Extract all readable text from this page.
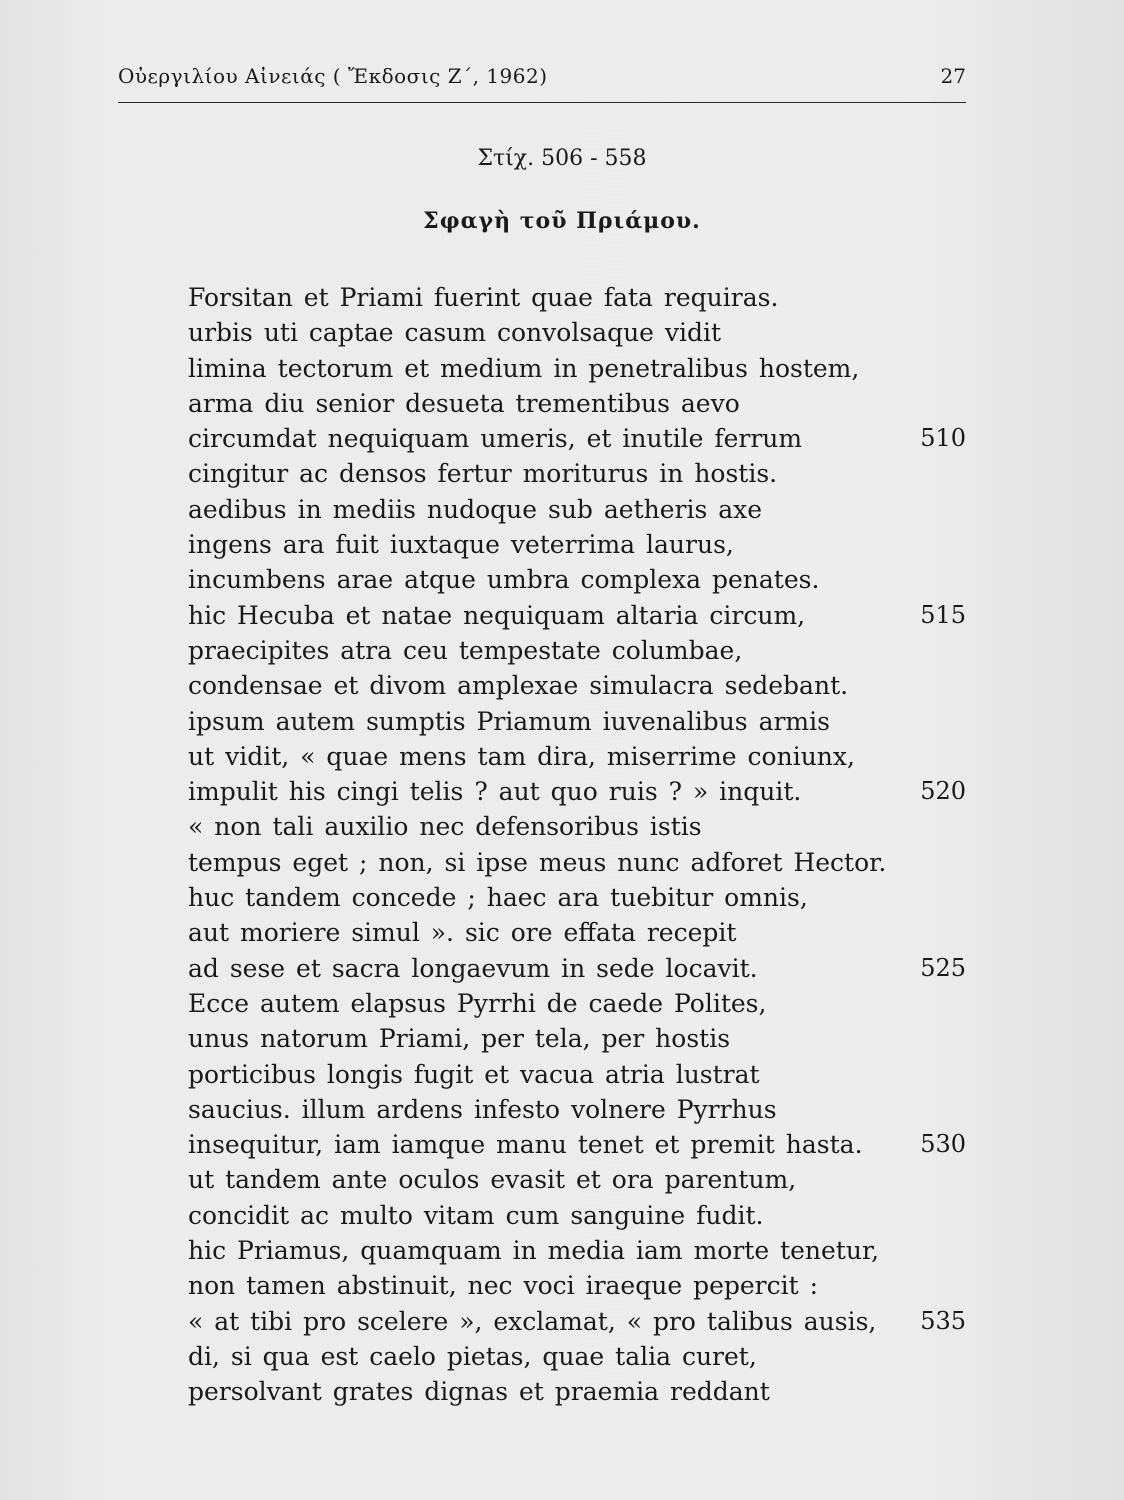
Οὐεργιλίου Αἰνειάς ( Ἔκδοσις Ζ΄, 1962)	27
Στίχ. 506 - 558
Σφαγὴ τοῦ Πριάμου.
Forsitan et Priami fuerint quae fata requiras.
urbis uti captae casum convolsaque vidit
limina tectorum et medium in penetralibus hostem,
arma diu senior desueta trementibus aevo
circumdat nequiquam umeris, et inutile ferrum	510
cingitur ac densos fertur moriturus in hostis.
aedibus in mediis nudoque sub aetheris axe
ingens ara fuit iuxtaque veterrima laurus,
incumbens arae atque umbra complexa penates.
hic Hecuba et natae nequiquam altaria circum,	515
praecipites atra ceu tempestate columbae,
condensae et divom amplexae simulacra sedebant.
ipsum autem sumptis Priamum iuvenalibus armis
ut vidit, « quae mens tam dira, miserrime coniunx,
impulit his cingi telis ? aut quo ruis ? » inquit.	520
« non tali auxilio nec defensoribus istis
tempus eget ; non, si ipse meus nunc adforet Hector.
huc tandem concede ; haec ara tuebitur omnis,
aut moriere simul ». sic ore effata recepit
ad sese et sacra longaevum in sede locavit.	525
Ecce autem elapsus Pyrrhi de caede Polites,
unus natorum Priami, per tela, per hostis
porticibus longis fugit et vacua atria lustrat
saucius. illum ardens infesto volnere Pyrrhus
insequitur, iam iamque manu tenet et premit hasta. 530
ut tandem ante oculos evasit et ora parentum,
concidit ac multo vitam cum sanguine fudit.
hic Priamus, quamquam in media iam morte tenetur,
non tamen abstinuit, nec voci iraeque pepercit :
« at tibi pro scelere », exclamat, « pro talibus ausis, 535
di, si qua est caelo pietas, quae talia curet,
persolvant grates dignas et praemia reddant
